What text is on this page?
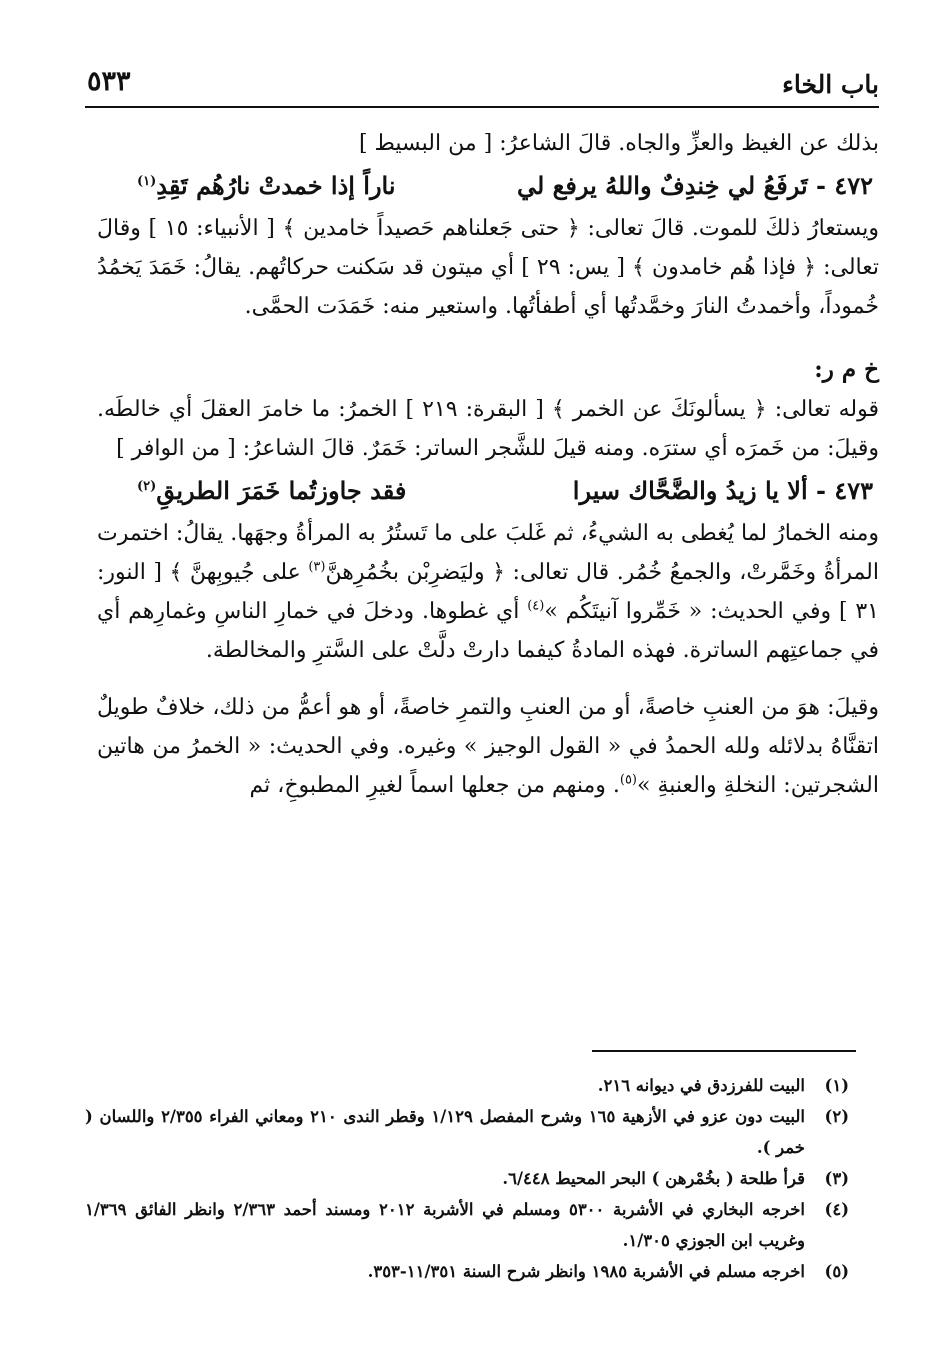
باب الخاء
٥٣٣

بذلك عن الغيظ والعزِّ والجاه. قالَ الشاعرُ: [ من البسيط ]

٤٧٢ - تَرفَعُ لي خِندِفٌ واللهُ يرفع لي
ناراً إذا خمدتْ نارُهُم تَقِدِ$^{(١)}$

ويستعارُ ذلكَ للموت. قالَ تعالى: ﴿ حتى جَعلناهم حَصيداً خامدين ﴾ [ الأنبياء: ١٥ ] وقالَ تعالى: ﴿ فإذا هُم خامدون ﴾ [ يس: ٢٩ ] أي ميتون قد سَكنت حركاتُهم. يقالُ: خَمَدَ يَخمُدُ خُموداً، وأخمدتُ النارَ وخمَّدتُها أي أطفأتُها. واستعير منه: خَمَدَت الحمَّى.

خ م ر:

قوله تعالى: ﴿ يسألونَكَ عن الخمر ﴾ [ البقرة: ٢١٩ ] الخمرُ: ما خامرَ العقلَ أي خالطَه. وقيلَ: من خَمرَه أي سترَه. ومنه قيلَ للشَّجر الساتر: خَمَرٌ. قالَ الشاعرُ: [ من الوافر ]

٤٧٣ - ألا يا زيدُ والضَّحَّاك سيرا
فقد جاوزتُما خَمَرَ الطريقِ$^{(٢)}$

ومنه الخمارُ لما يُغطى به الشيءُ، ثم غَلبَ على ما تَستُرُ به المرأةُ وجهَها. يقالُ: اختمرت المرأةُ وخَمَّرتْ، والجمعُ خُمُر. قال تعالى: ﴿ وليَضرِبْن بخُمُرِهنَّ$^{(٣)}$ على جُيوبِهنَّ ﴾ [ النور: ٣١ ] وفي الحديث: « خَمِّروا آنيتَكُم »$^{(٤)}$ أي غطوها. ودخلَ في خمارِ الناسِ وغمارِهم أي في جماعتِهم الساترة. فهذه المادةُ كيفما دارتْ دلَّتْ على السَّترِ والمخالطة.

وقيلَ: هوَ من العنبِ خاصةً، أو من العنبِ والتمرِ خاصةً، أو هو أعمُّ من ذلك، خلافٌ طويلٌ اتقنَّاهُ بدلائله ولله الحمدُ في « القول الوجيز » وغيره. وفي الحديث: « الخمرُ من هاتين الشجرتين: النخلةِ والعنبةِ »$^{(٥)}$. ومنهم من جعلها اسماً لغيرِ المطبوخِ، ثم

(١)
البيت للفرزدق في ديوانه ٢١٦.
(٢)
البيت دون عزو في الأزهية ١٦٥ وشرح المفصل ١/١٢٩ وقطر الندى ٢١٠ ومعاني الفراء ٢/٣٥٥ واللسان ( خمر ).
(٣)
قرأ طلحة ( بخُمْرهن ) البحر المحيط ٦/٤٤٨.
(٤)
اخرجه البخاري في الأشربة ٥٣٠٠ ومسلم في الأشربة ٢٠١٢ ومسند أحمد ٢/٣٦٣ وانظر الفائق ١/٣٦٩ وغريب ابن الجوزي ١/٣٠٥.
(٥)
اخرجه مسلم في الأشربة ١٩٨٥ وانظر شرح السنة ١١/٣٥١-٣٥٣.
